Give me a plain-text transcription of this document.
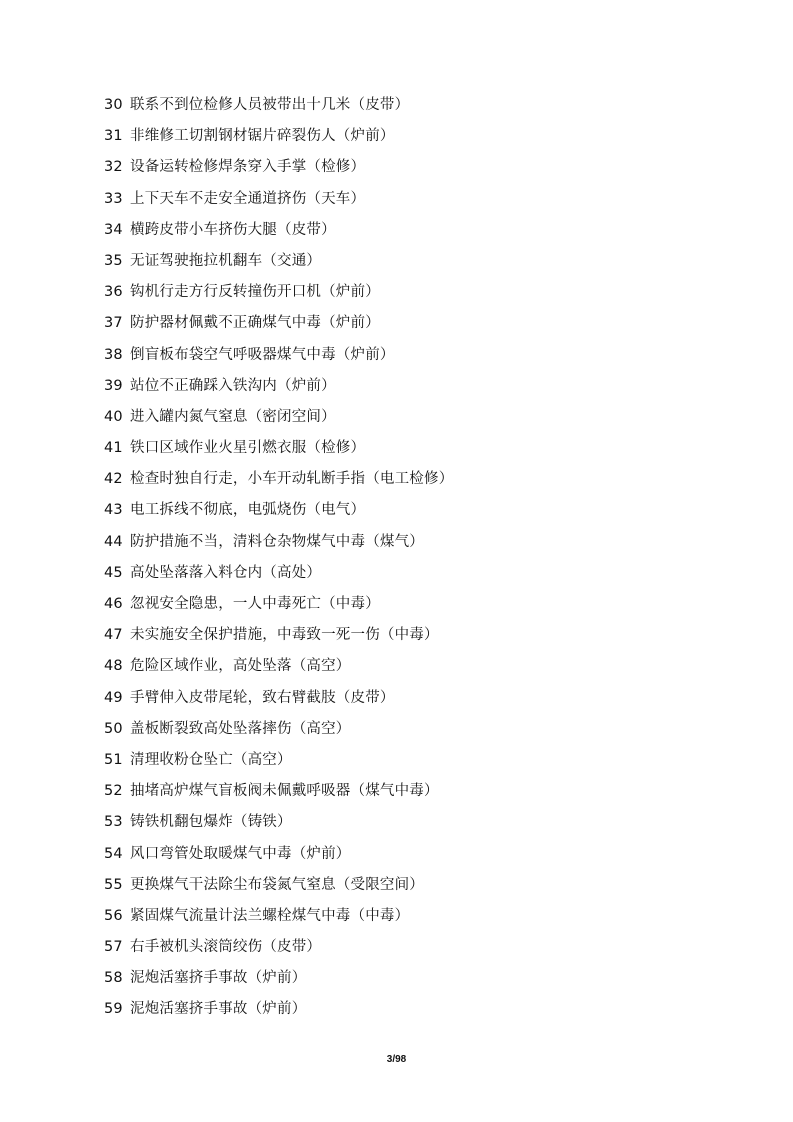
30 联系不到位检修人员被带出十几米（皮带）
31 非维修工切割钢材锯片碎裂伤人（炉前）
32 设备运转检修焊条穿入手掌（检修）
33 上下天车不走安全通道挤伤（天车）
34 横跨皮带小车挤伤大腿（皮带）
35 无证驾驶拖拉机翻车（交通）
36 钩机行走方行反转撞伤开口机（炉前）
37 防护器材佩戴不正确煤气中毒（炉前）
38 倒盲板布袋空气呼吸器煤气中毒（炉前）
39 站位不正确踩入铁沟内（炉前）
40 进入罐内氮气窒息（密闭空间）
41 铁口区域作业火星引燃衣服（检修）
42 检查时独自行走，小车开动轧断手指（电工检修）
43 电工拆线不彻底，电弧烧伤（电气）
44 防护措施不当，清料仓杂物煤气中毒（煤气）
45 高处坠落落入料仓内（高处）
46 忽视安全隐患，一人中毒死亡（中毒）
47 未实施安全保护措施，中毒致一死一伤（中毒）
48 危险区域作业，高处坠落（高空）
49 手臂伸入皮带尾轮，致右臂截肢（皮带）
50 盖板断裂致高处坠落摔伤（高空）
51 清理收粉仓坠亡（高空）
52 抽堵高炉煤气盲板阀未佩戴呼吸器（煤气中毒）
53 铸铁机翻包爆炸（铸铁）
54 风口弯管处取暖煤气中毒（炉前）
55 更换煤气干法除尘布袋氮气窒息（受限空间）
56 紧固煤气流量计法兰螺栓煤气中毒（中毒）
57 右手被机头滚筒绞伤（皮带）
58 泥炮活塞挤手事故（炉前）
59 泥炮活塞挤手事故（炉前）
3/98
